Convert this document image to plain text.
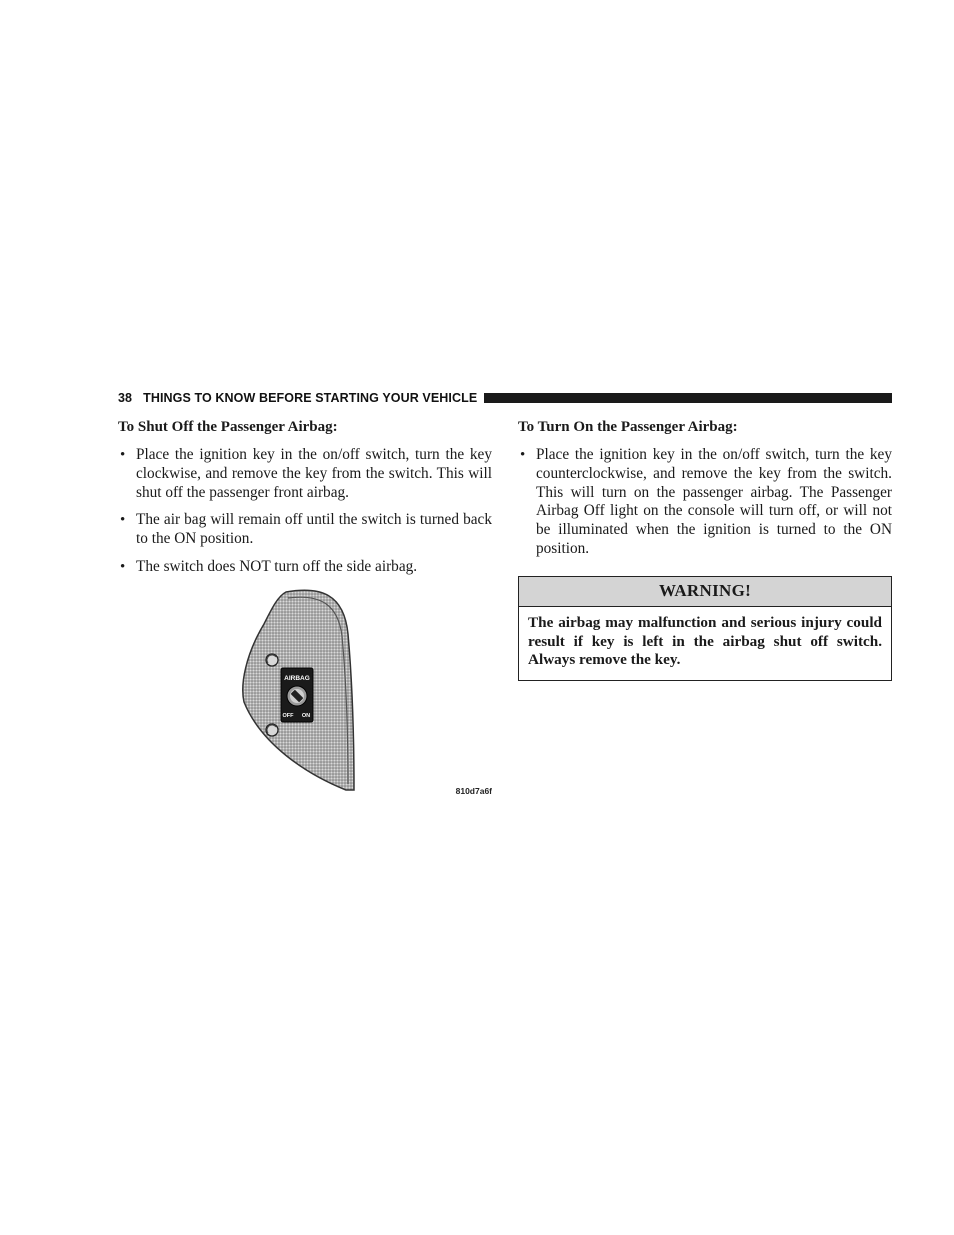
38 THINGS TO KNOW BEFORE STARTING YOUR VEHICLE
To Shut Off the Passenger Airbag:
• Place the ignition key in the on/off switch, turn the key clockwise, and remove the key from the switch. This will shut off the passenger front airbag.
• The air bag will remain off until the switch is turned back to the ON position.
• The switch does NOT turn off the side airbag.
AIRBAG
OFF ON
810d7a6f
To Turn On the Passenger Airbag:
• Place the ignition key in the on/off switch, turn the key counterclockwise, and remove the key from the switch. This will turn on the passenger airbag. The Passenger Airbag Off light on the console will turn off, or will not be illuminated when the ignition is turned to the ON position.
WARNING!
The airbag may malfunction and serious injury could result if key is left in the airbag shut off switch. Always remove the key.
